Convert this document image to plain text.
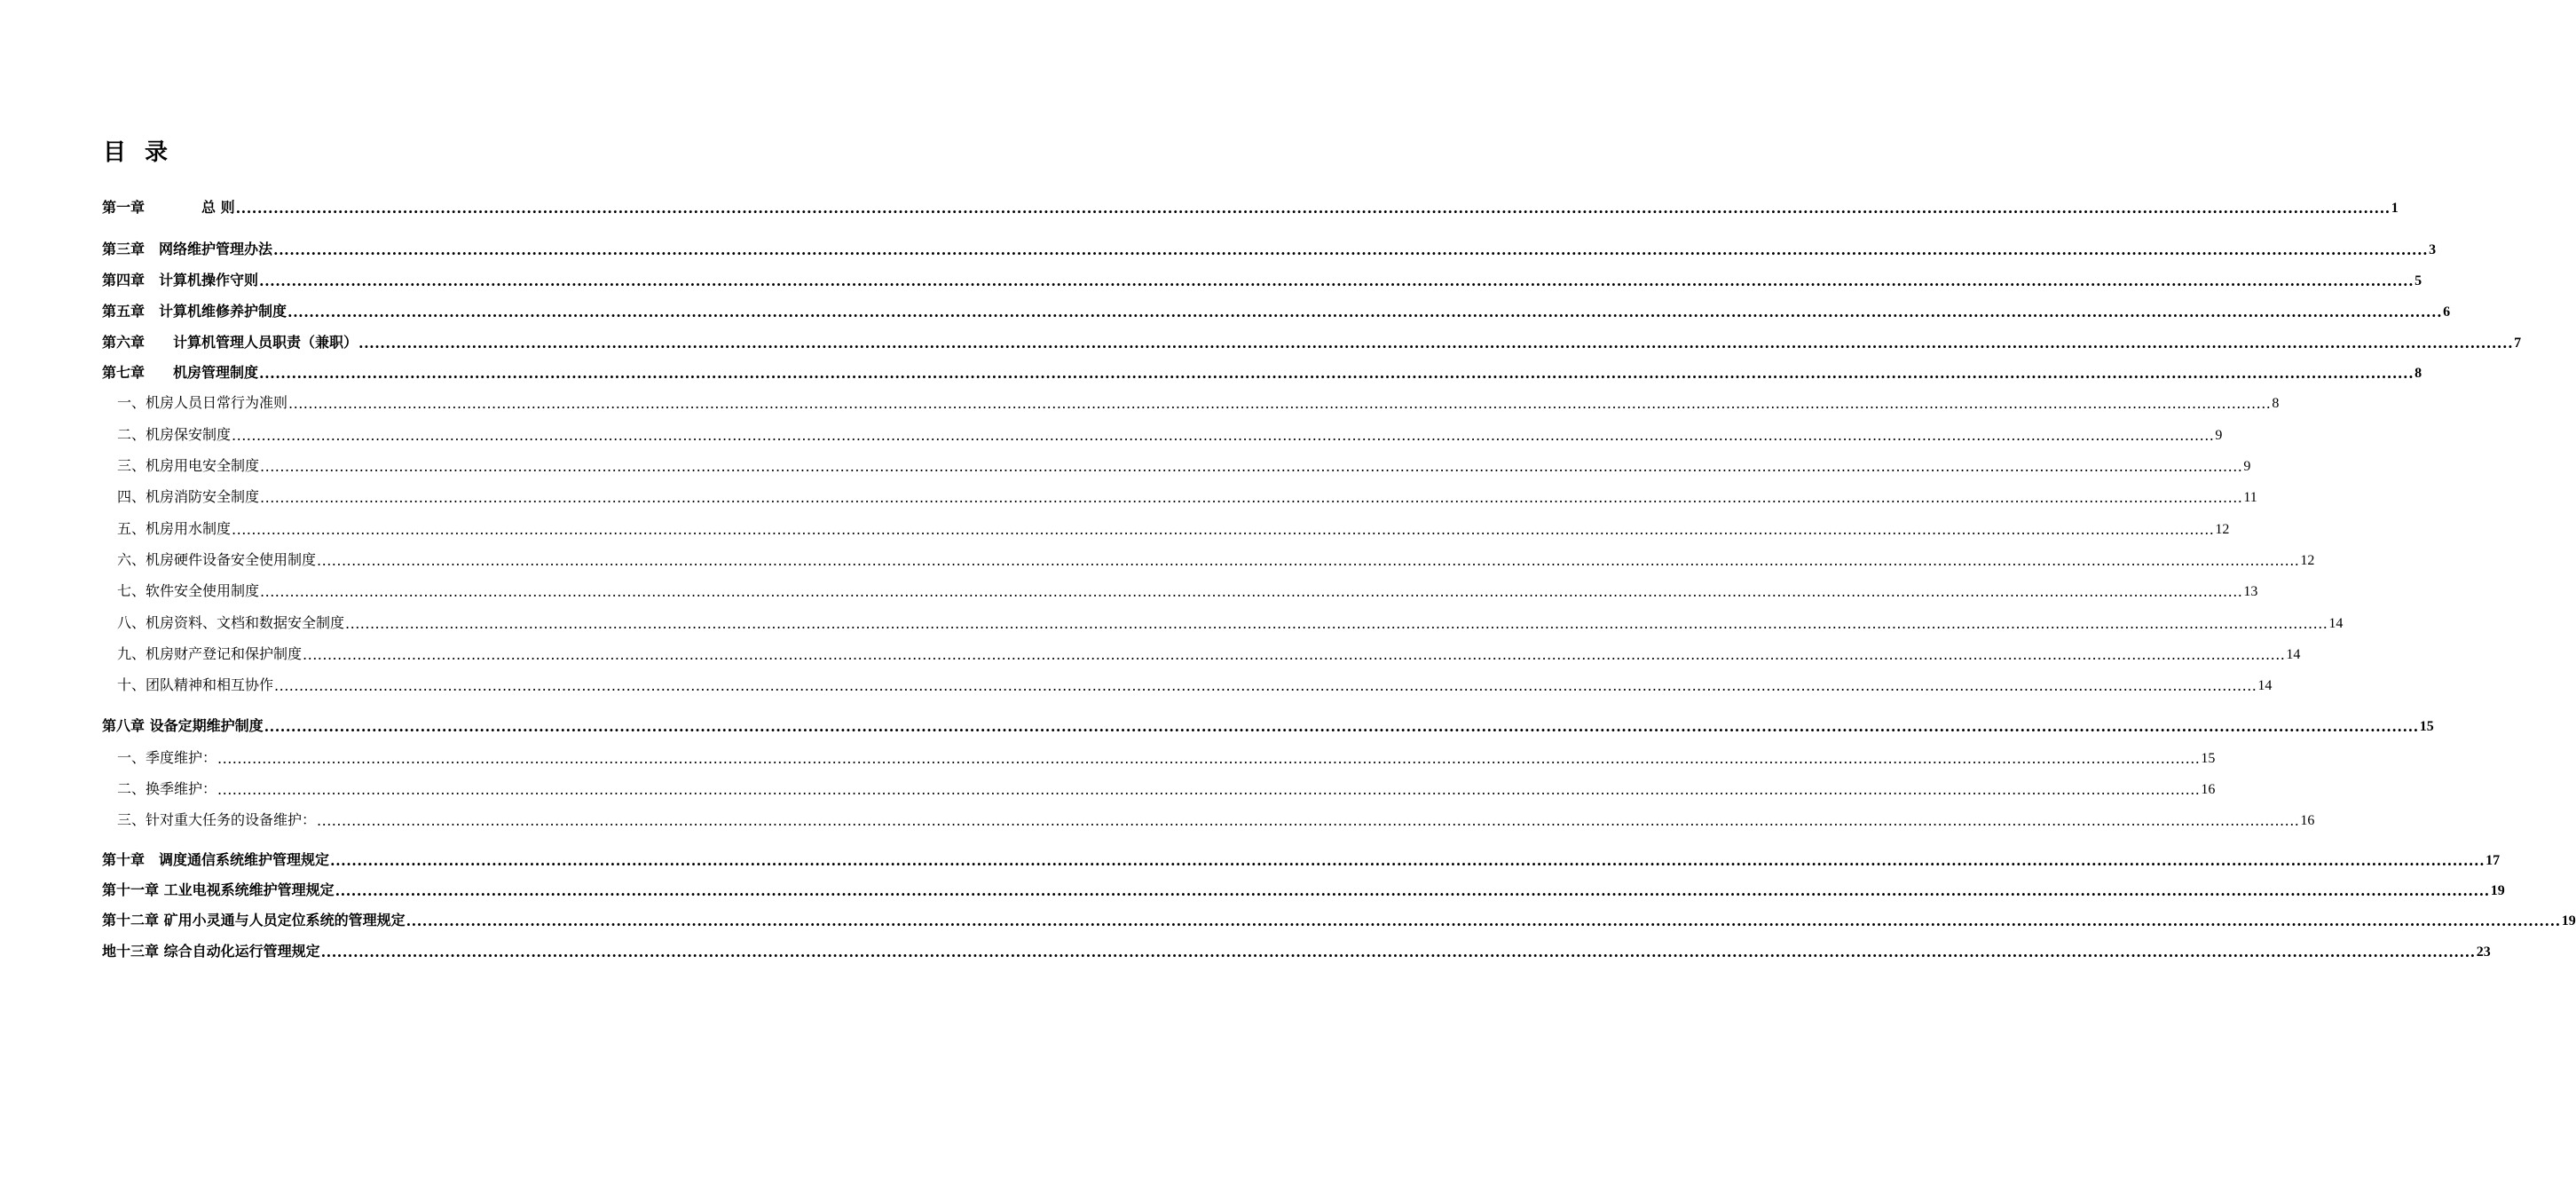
目 录
第一章　　　　总 则 ................................................................................................................................................................................................................................................................................................................................................................................................................ 1
第三章　网络维护管理办法 ................................................................................................................................................................................................................................................................................................................................................................................................................ 3
第四章　计算机操作守则 ................................................................................................................................................................................................................................................................................................................................................................................................................ 5
第五章　计算机维修养护制度 ................................................................................................................................................................................................................................................................................................................................................................................................................ 6
第六章　　计算机管理人员职责（兼职） ................................................................................................................................................................................................................................................................................................................................................................................................................ 7
第七章　　机房管理制度 ................................................................................................................................................................................................................................................................................................................................................................................................................ 8
一、机房人员日常行为准则 ................................................................................................................................................................................................................................................................................................................................................................................................................ 8
二、机房保安制度 ................................................................................................................................................................................................................................................................................................................................................................................................................ 9
三、机房用电安全制度 ................................................................................................................................................................................................................................................................................................................................................................................................................ 9
四、机房消防安全制度 ................................................................................................................................................................................................................................................................................................................................................................................................................ 11
五、机房用水制度 ................................................................................................................................................................................................................................................................................................................................................................................................................ 12
六、机房硬件设备安全使用制度 ................................................................................................................................................................................................................................................................................................................................................................................................................ 12
七、软件安全使用制度 ................................................................................................................................................................................................................................................................................................................................................................................................................ 13
八、机房资料、文档和数据安全制度 ................................................................................................................................................................................................................................................................................................................................................................................................................ 14
九、机房财产登记和保护制度 ................................................................................................................................................................................................................................................................................................................................................................................................................ 14
十、团队精神和相互协作 ................................................................................................................................................................................................................................................................................................................................................................................................................ 14
第八章 设备定期维护制度 ................................................................................................................................................................................................................................................................................................................................................................................................................ 15
一、季度维护： ................................................................................................................................................................................................................................................................................................................................................................................................................ 15
二、换季维护： ................................................................................................................................................................................................................................................................................................................................................................................................................ 16
三、针对重大任务的设备维护： ................................................................................................................................................................................................................................................................................................................................................................................................................ 16
第十章　调度通信系统维护管理规定 ................................................................................................................................................................................................................................................................................................................................................................................................................ 17
第十一章 工业电视系统维护管理规定 ................................................................................................................................................................................................................................................................................................................................................................................................................ 19
第十二章 矿用小灵通与人员定位系统的管理规定 ................................................................................................................................................................................................................................................................................................................................................................................................................ 19
地十三章 综合自动化运行管理规定 ................................................................................................................................................................................................................................................................................................................................................................................................................ 23
